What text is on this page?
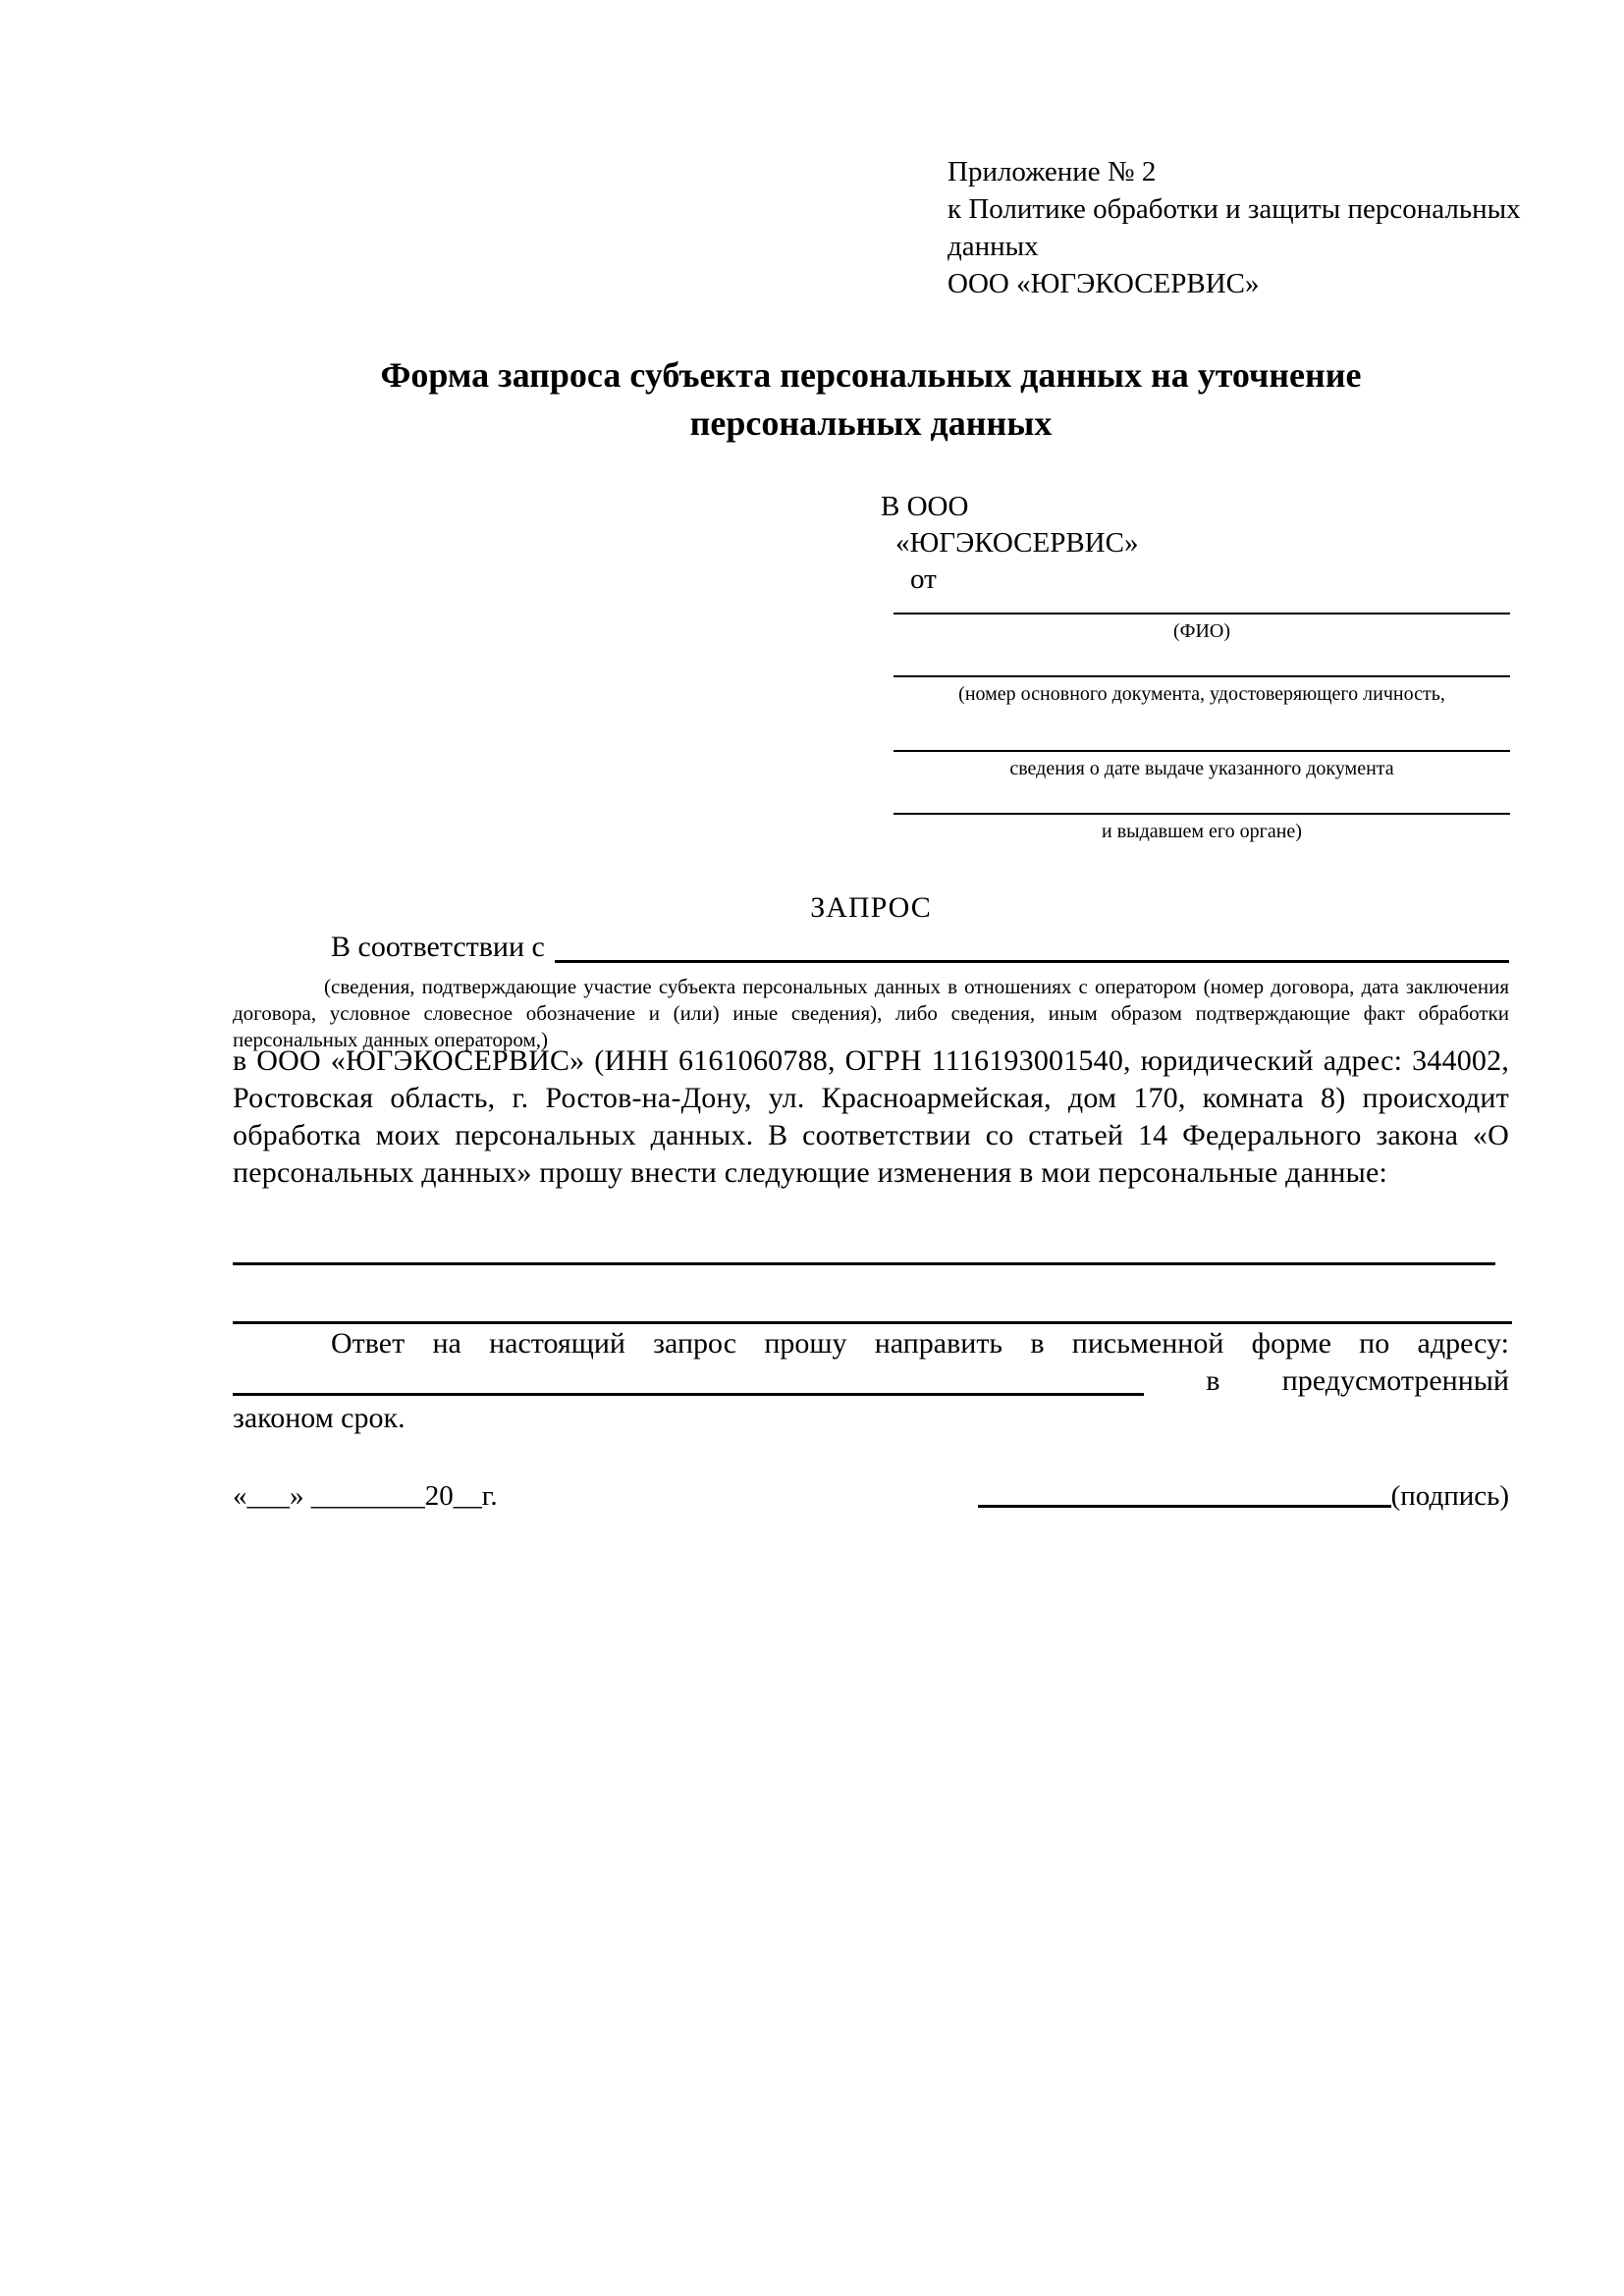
Приложение № 2
к Политике обработки и защиты персональных
данных
ООО «ЮГЭКОСЕРВИС»
Форма запроса субъекта персональных данных на уточнение
персональных данных
В ООО
«ЮГЭКОСЕРВИС»
от
(ФИО)
(номер основного документа, удостоверяющего личность,
сведения о дате выдаче указанного документа
и выдавшем его органе)
ЗАПРОС
В соответствии с
(сведения, подтверждающие участие субъекта персональных данных в отношениях с оператором (номер договора, дата заключения договора, условное словесное обозначение и (или) иные сведения), либо сведения, иным образом подтверждающие факт обработки персональных данных оператором,)
в ООО «ЮГЭКОСЕРВИС» (ИНН 6161060788, ОГРН 1116193001540, юридический адрес: 344002, Ростовская область, г. Ростов-на-Дону, ул. Красноармейская, дом 170, комната 8) происходит обработка моих персональных данных. В соответствии со статьей 14 Федерального закона «О персональных данных» прошу внести следующие изменения в мои персональные данные:
Ответ на настоящий запрос прошу направить в письменной форме по адресу:
в предусмотренный
законом срок.
«___» ________20__г.	(подпись)
